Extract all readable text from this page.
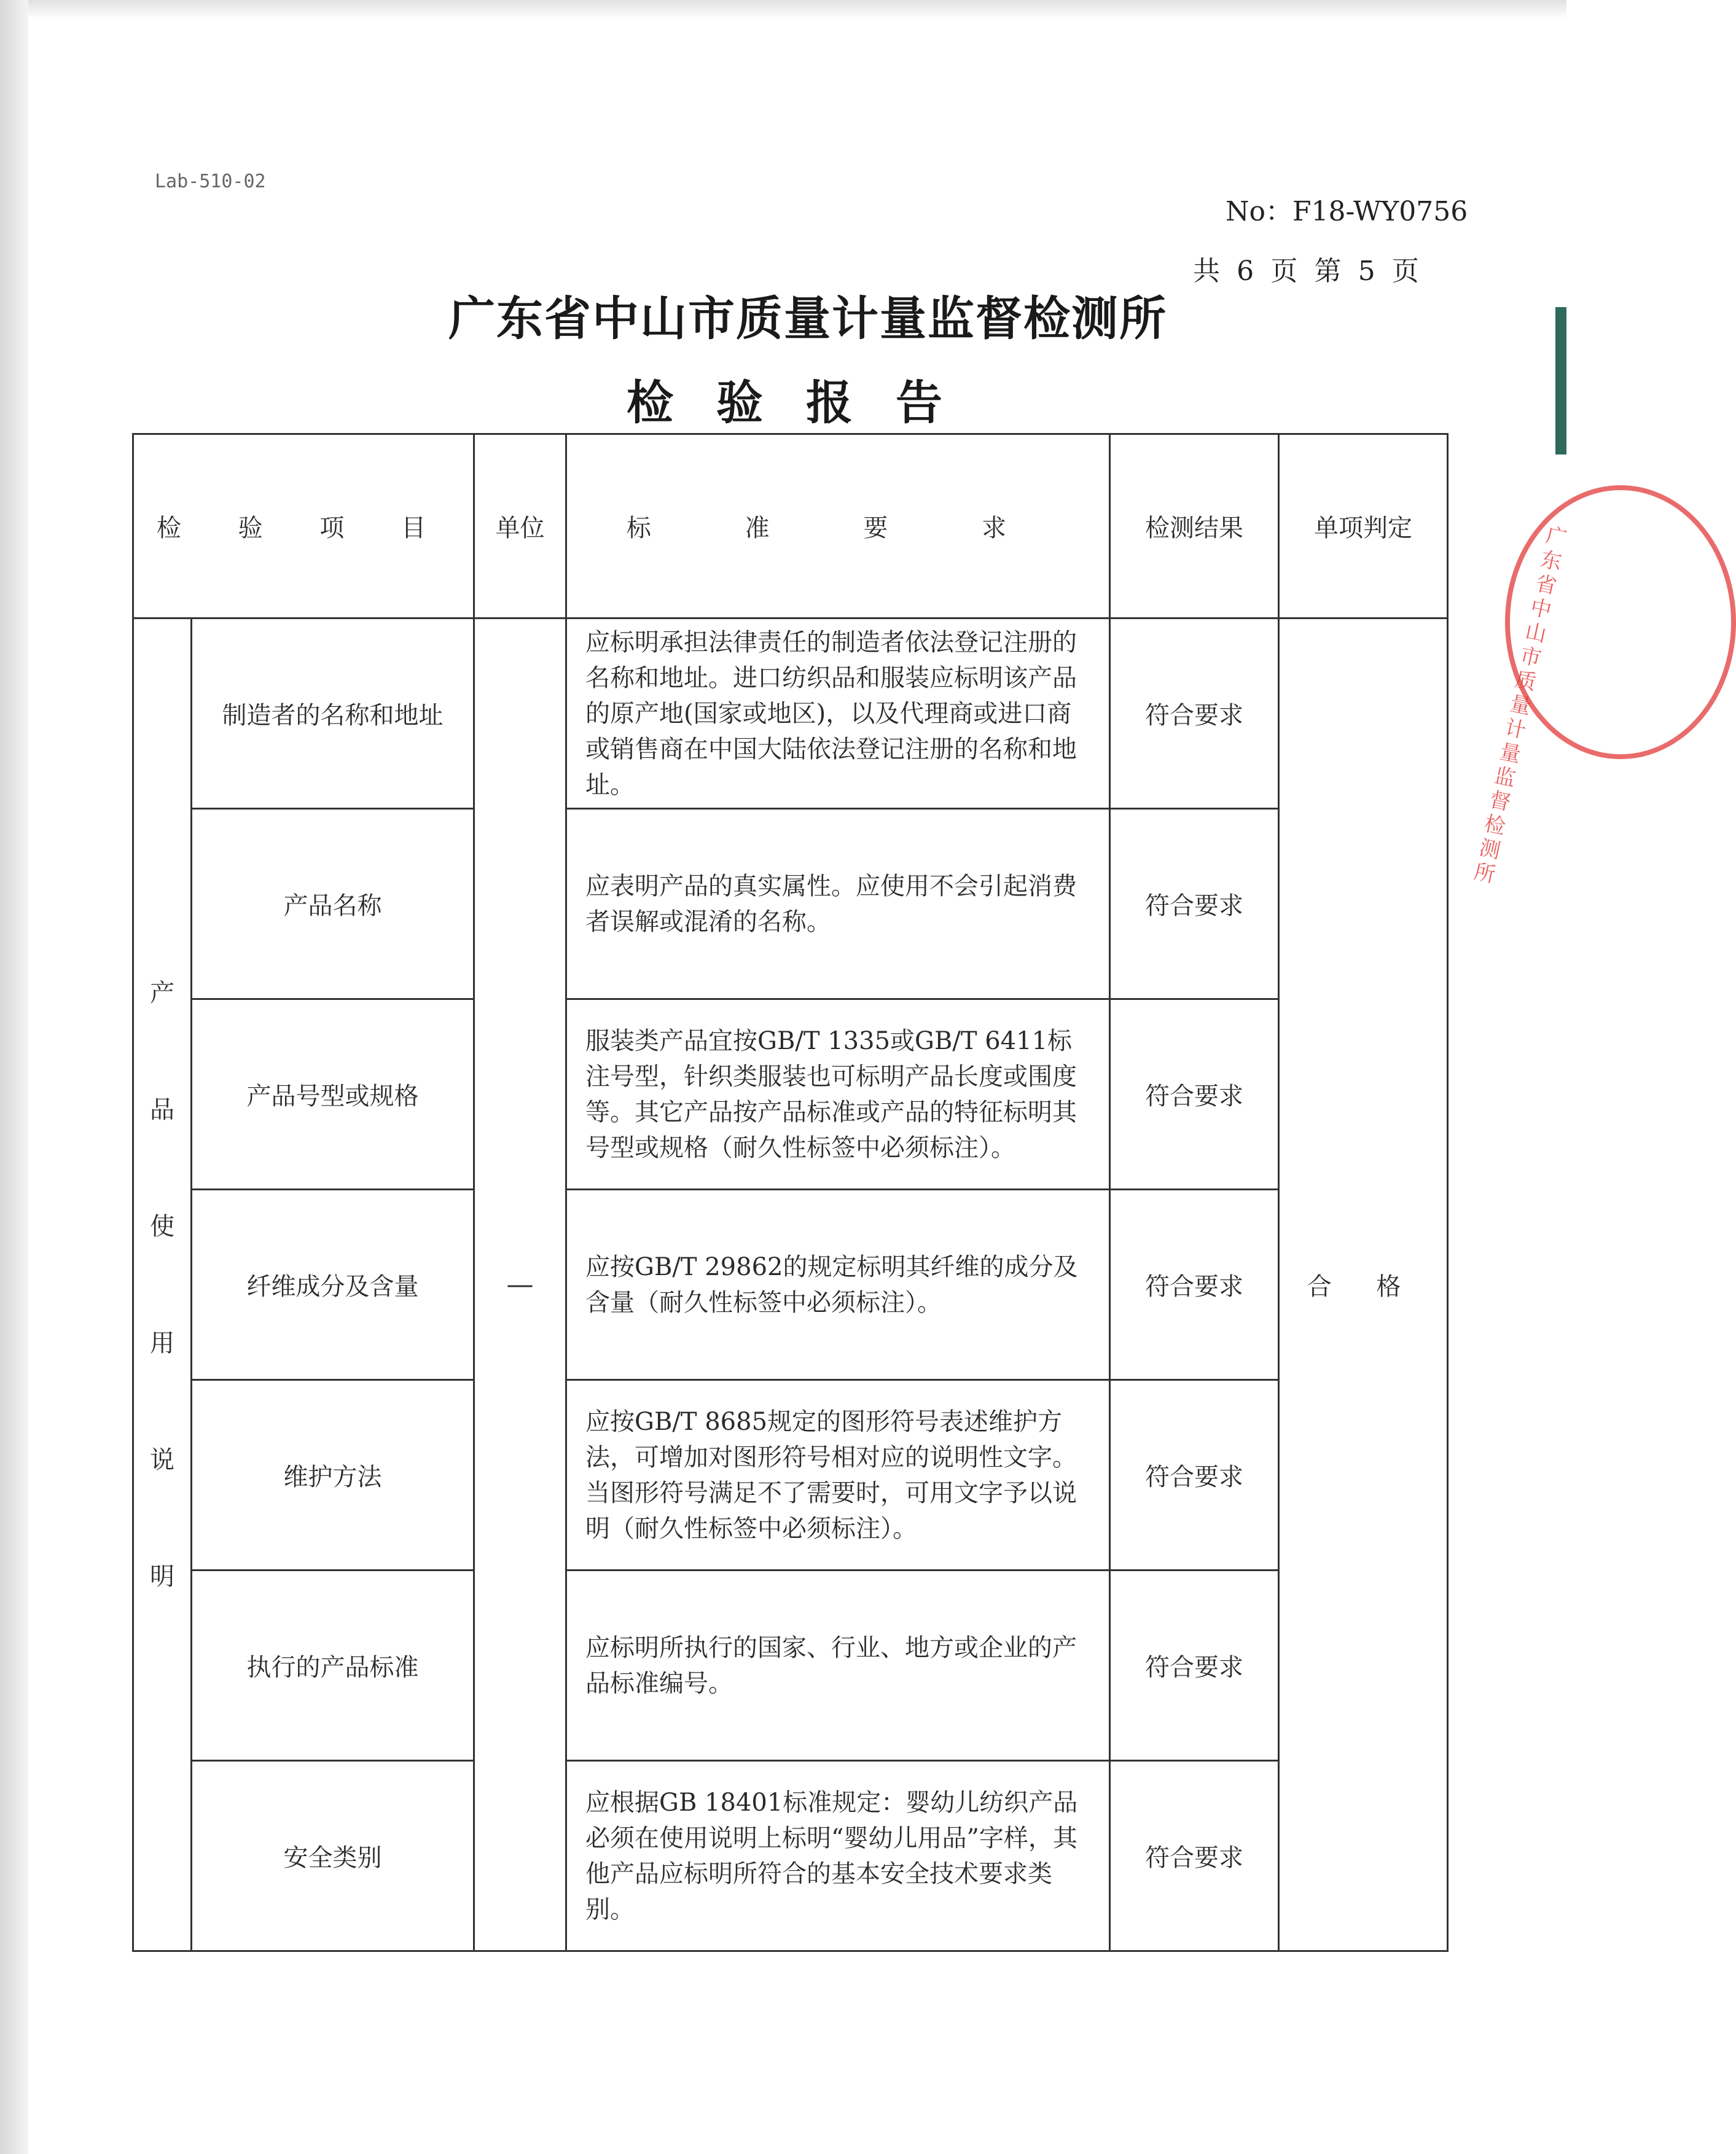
Lab-510-02
No：F18-WY0756
共 6 页 第 5 页
广东省中山市质量计量监督检测所
检验报告
广东省中山市质量计量监督检测所
检 验 项 目		单位	标 准 要 求	检测结果	单项判定

产品使用说明	制造者的名称和地址	—	应标明承担法律责任的制造者依法登记注册的名称和地址。进口纺织品和服装应标明该产品的原产地(国家或地区)，以及代理商或进口商或销售商在中国大陆依法登记注册的名称和地址。	符合要求	合 格
	产品名称		应表明产品的真实属性。应使用不会引起消费者误解或混淆的名称。	符合要求	
	产品号型或规格		服装类产品宜按GB/T 1335或GB/T 6411标注号型，针织类服装也可标明产品长度或围度等。其它产品按产品标准或产品的特征标明其号型或规格（耐久性标签中必须标注）。	符合要求	
	纤维成分及含量		应按GB/T 29862的规定标明其纤维的成分及含量（耐久性标签中必须标注）。	符合要求	
	维护方法		应按GB/T 8685规定的图形符号表述维护方法，可增加对图形符号相对应的说明性文字。当图形符号满足不了需要时，可用文字予以说明（耐久性标签中必须标注）。	符合要求	
	执行的产品标准		应标明所执行的国家、行业、地方或企业的产品标准编号。	符合要求	
	安全类别		应根据GB 18401标准规定：婴幼儿纺织产品必须在使用说明上标明“婴幼儿用品”字样，其他产品应标明所符合的基本安全技术要求类别。	符合要求	
